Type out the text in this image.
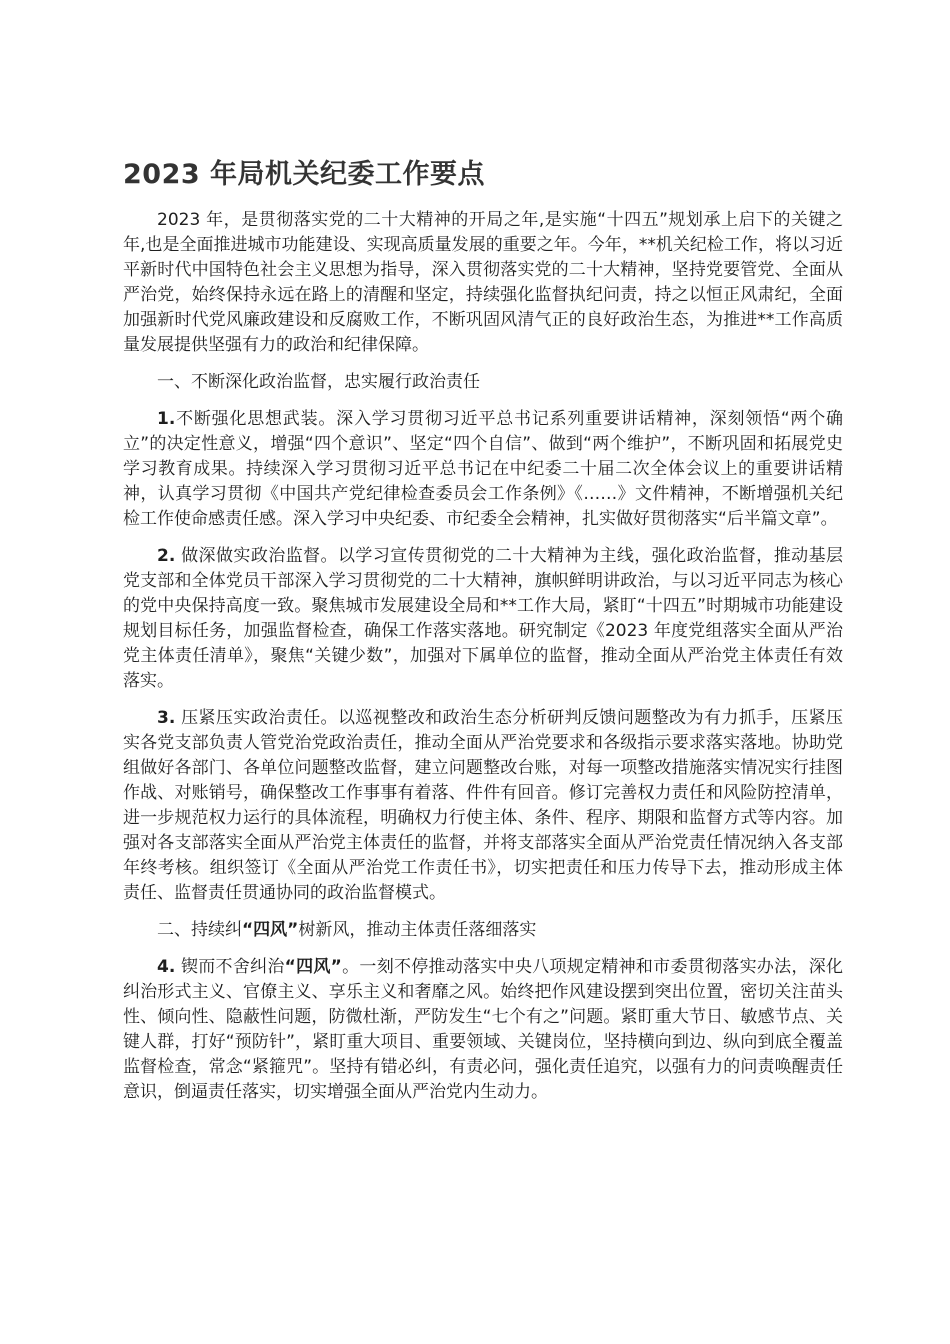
2023 年局机关纪委工作要点

2023 年，是贯彻落实党的二十大精神的开局之年,是实施“十四五”规划承上启下的关键之年,也是全面推进城市功能建设、实现高质量发展的重要之年。今年，**机关纪检工作，将以习近平新时代中国特色社会主义思想为指导，深入贯彻落实党的二十大精神，坚持党要管党、全面从严治党，始终保持永远在路上的清醒和坚定，持续强化监督执纪问责，持之以恒正风肃纪，全面加强新时代党风廉政建设和反腐败工作，不断巩固风清气正的良好政治生态，为推进**工作高质量发展提供坚强有力的政治和纪律保障。

一、不断深化政治监督，忠实履行政治责任

1.不断强化思想武装。深入学习贯彻习近平总书记系列重要讲话精神，深刻领悟“两个确立”的决定性意义，增强“四个意识”、坚定“四个自信”、做到“两个维护”，不断巩固和拓展党史学习教育成果。持续深入学习贯彻习近平总书记在中纪委二十届二次全体会议上的重要讲话精神，认真学习贯彻《中国共产党纪律检查委员会工作条例》《……》文件精神，不断增强机关纪检工作使命感责任感。深入学习中央纪委、市纪委全会精神，扎实做好贯彻落实“后半篇文章”。

2. 做深做实政治监督。以学习宣传贯彻党的二十大精神为主线，强化政治监督，推动基层党支部和全体党员干部深入学习贯彻党的二十大精神，旗帜鲜明讲政治，与以习近平同志为核心的党中央保持高度一致。聚焦城市发展建设全局和**工作大局，紧盯“十四五”时期城市功能建设规划目标任务，加强监督检查，确保工作落实落地。研究制定《2023 年度党组落实全面从严治党主体责任清单》，聚焦“关键少数”，加强对下属单位的监督，推动全面从严治党主体责任有效落实。

3. 压紧压实政治责任。以巡视整改和政治生态分析研判反馈问题整改为有力抓手，压紧压实各党支部负责人管党治党政治责任，推动全面从严治党要求和各级指示要求落实落地。协助党组做好各部门、各单位问题整改监督，建立问题整改台账，对每一项整改措施落实情况实行挂图作战、对账销号，确保整改工作事事有着落、件件有回音。修订完善权力责任和风险防控清单，进一步规范权力运行的具体流程，明确权力行使主体、条件、程序、期限和监督方式等内容。加强对各支部落实全面从严治党主体责任的监督，并将支部落实全面从严治党责任情况纳入各支部年终考核。组织签订《全面从严治党工作责任书》，切实把责任和压力传导下去，推动形成主体责任、监督责任贯通协同的政治监督模式。

二、持续纠“四风”树新风，推动主体责任落细落实

4. 锲而不舍纠治“四风”。一刻不停推动落实中央八项规定精神和市委贯彻落实办法，深化纠治形式主义、官僚主义、享乐主义和奢靡之风。始终把作风建设摆到突出位置，密切关注苗头性、倾向性、隐蔽性问题，防微杜渐，严防发生“七个有之”问题。紧盯重大节日、敏感节点、关键人群，打好“预防针”，紧盯重大项目、重要领域、关键岗位，坚持横向到边、纵向到底全覆盖监督检查，常念“紧箍咒”。坚持有错必纠，有责必问，强化责任追究，以强有力的问责唤醒责任意识，倒逼责任落实，切实增强全面从严治党内生动力。
